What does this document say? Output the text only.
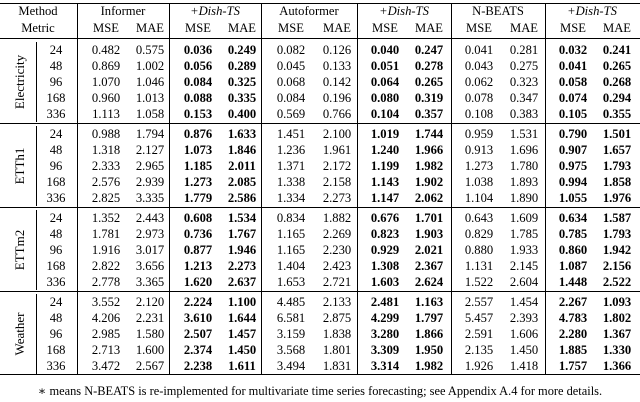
Method	Informer	+Dish-TS	Autoformer	+Dish-TS	N-BEATS	+Dish-TS
Metric	MSE	MAE	MSE	MAE	MSE	MAE	MSE	MAE	MSE	MAE	MSE	MAE
Electricity
24	0.482	0.575	0.036	0.249	0.082	0.126	0.040	0.247	0.041	0.281	0.032	0.241
48	0.869	1.002	0.056	0.289	0.045	0.133	0.051	0.278	0.043	0.275	0.041	0.265
96	1.070	1.046	0.084	0.325	0.068	0.142	0.064	0.265	0.062	0.323	0.058	0.268
168	0.960	1.013	0.088	0.335	0.084	0.196	0.080	0.319	0.078	0.347	0.074	0.294
336	1.113	1.058	0.153	0.400	0.569	0.766	0.104	0.357	0.108	0.383	0.105	0.355
ETTh1
24	0.988	1.794	0.876	1.633	1.451	2.100	1.019	1.744	0.959	1.531	0.790	1.501
48	1.318	2.127	1.073	1.846	1.236	1.961	1.240	1.966	0.913	1.696	0.907	1.657
96	2.333	2.965	1.185	2.011	1.371	2.172	1.199	1.982	1.273	1.780	0.975	1.793
168	2.576	2.939	1.273	2.085	1.338	2.158	1.143	1.902	1.038	1.893	0.994	1.858
336	2.825	3.335	1.779	2.586	1.334	2.273	1.147	2.062	1.104	1.890	1.055	1.976
ETTm2
24	1.352	2.443	0.608	1.534	0.834	1.882	0.676	1.701	0.643	1.609	0.634	1.587
48	1.781	2.973	0.736	1.767	1.165	2.269	0.823	1.903	0.829	1.785	0.785	1.793
96	1.916	3.017	0.877	1.946	1.165	2.230	0.929	2.021	0.880	1.933	0.860	1.942
168	2.822	3.656	1.213	2.273	1.404	2.423	1.308	2.367	1.131	2.145	1.087	2.156
336	2.778	3.365	1.620	2.637	1.653	2.721	1.603	2.624	1.522	2.604	1.448	2.522
Weather
24	3.552	2.120	2.224	1.100	4.485	2.133	2.481	1.163	2.557	1.454	2.267	1.093
48	4.206	2.231	3.610	1.644	6.581	2.875	4.299	1.797	5.457	2.393	4.783	1.802
96	2.985	1.580	2.507	1.457	3.159	1.838	3.280	1.866	2.591	1.606	2.280	1.367
168	2.713	1.600	2.374	1.450	3.568	1.801	3.309	1.950	2.135	1.450	1.885	1.330
336	3.472	2.567	2.238	1.611	3.494	1.831	3.314	1.982	1.926	1.418	1.757	1.366
∗ means N-BEATS is re-implemented for multivariate time series forecasting; see Appendix A.4 for more details.
